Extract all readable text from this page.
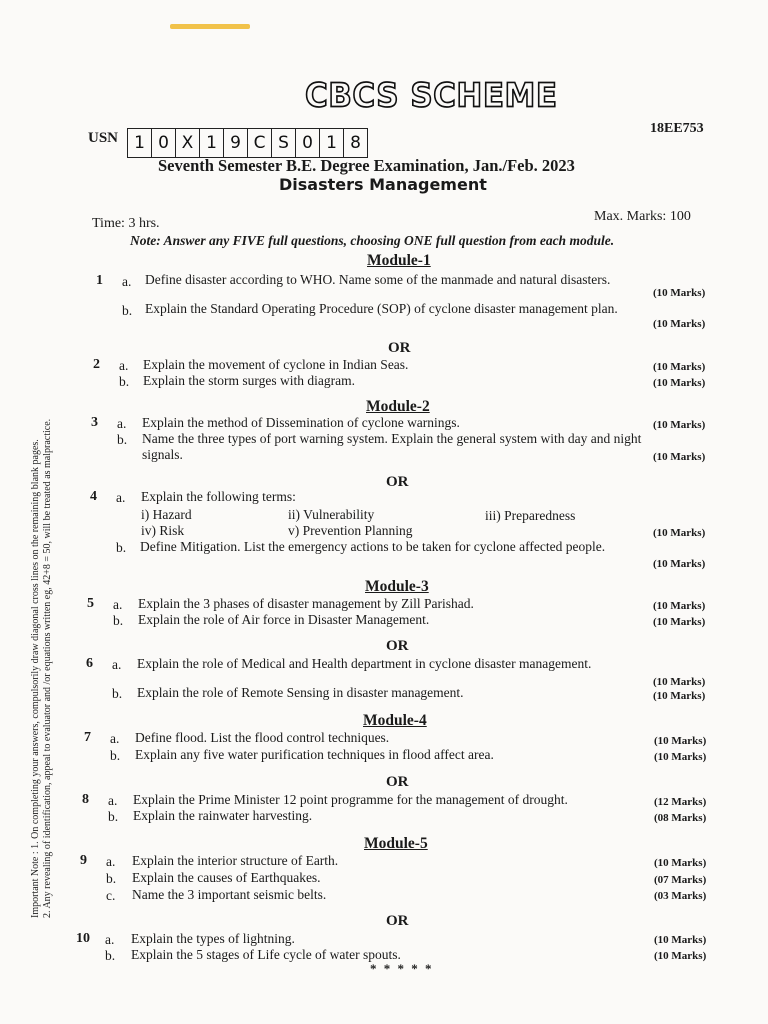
Important Note : 1. On completing your answers, compulsorily draw diagonal cross lines on the remaining blank pages. 2. Any revealing of identification, appeal to evaluator and /or equations written eg, 42+8 = 50, will be treated as malpractice.
CBCS SCHEME
USN 1 0 X 1 9 C S 0 1 8
18EE753
Seventh Semester B.E. Degree Examination, Jan./Feb. 2023
Disasters Management
Time: 3 hrs.	Max. Marks: 100
Note: Answer any FIVE full questions, choosing ONE full question from each module.
Module-1
1 a. Define disaster according to WHO. Name some of the manmade and natural disasters.
(10 Marks)
b. Explain the Standard Operating Procedure (SOP) of cyclone disaster management plan.
(10 Marks)
OR
2 a. Explain the movement of cyclone in Indian Seas.	(10 Marks)
b. Explain the storm surges with diagram.	(10 Marks)
Module-2
3 a. Explain the method of Dissemination of cyclone warnings.	(10 Marks)
b. Name the three types of port warning system. Explain the general system with day and night
signals.	(10 Marks)
OR
4 a. Explain the following terms:
i) Hazard	ii) Vulnerability	iii) Preparedness
iv) Risk	v) Prevention Planning	(10 Marks)
b. Define Mitigation. List the emergency actions to be taken for cyclone affected people.
(10 Marks)
Module-3
5 a. Explain the 3 phases of disaster management by Zill Parishad.	(10 Marks)
b. Explain the role of Air force in Disaster Management.	(10 Marks)
OR
6 a. Explain the role of Medical and Health department in cyclone disaster management.
(10 Marks)
b. Explain the role of Remote Sensing in disaster management.	(10 Marks)
Module-4
7 a. Define flood. List the flood control techniques.	(10 Marks)
b. Explain any five water purification techniques in flood affect area.	(10 Marks)
OR
8 a. Explain the Prime Minister 12 point programme for the management of drought.	(12 Marks)
b. Explain the rainwater harvesting.	(08 Marks)
Module-5
9 a. Explain the interior structure of Earth.	(10 Marks)
b. Explain the causes of Earthquakes.	(07 Marks)
c. Name the 3 important seismic belts.	(03 Marks)
OR
10 a. Explain the types of lightning.	(10 Marks)
b. Explain the 5 stages of Life cycle of water spouts.	(10 Marks)
* * * * *
